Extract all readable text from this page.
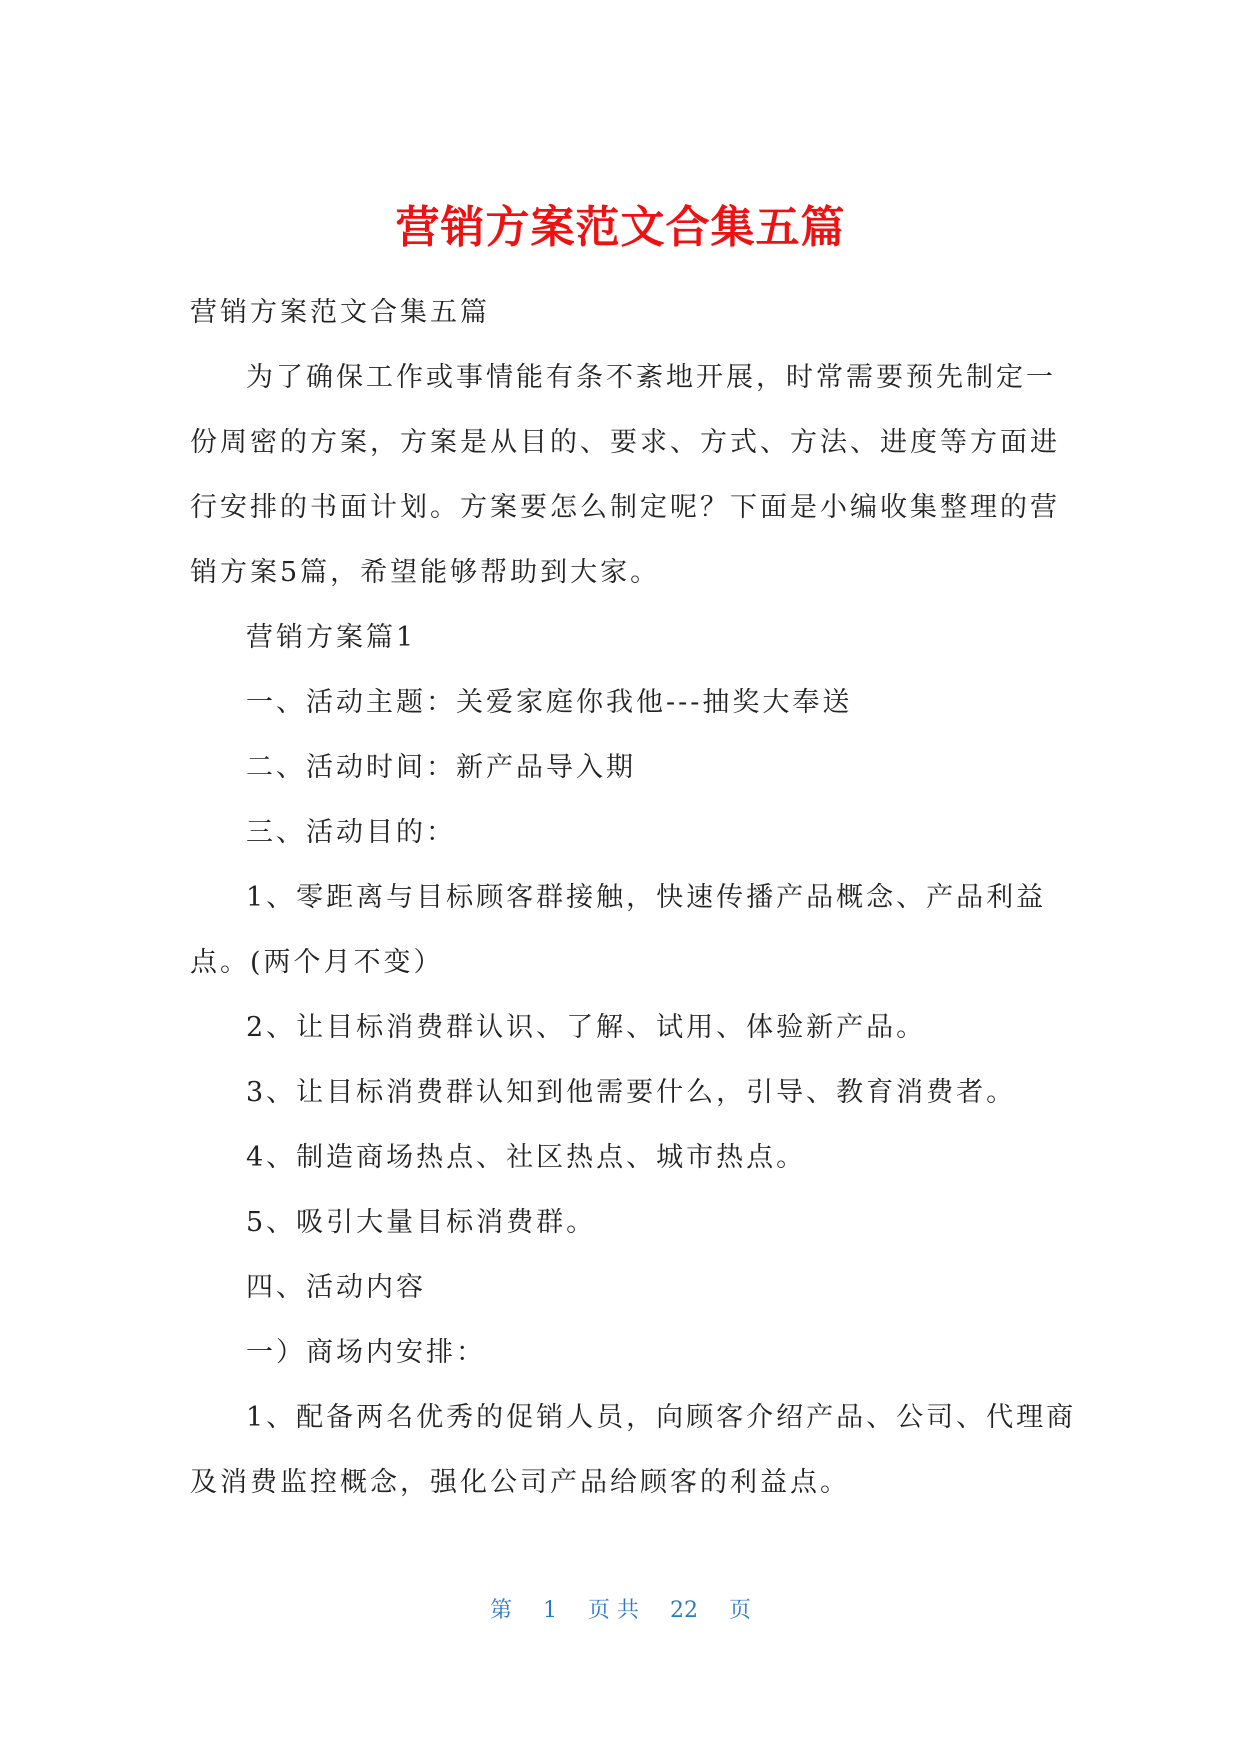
营销方案范文合集五篇
营销方案范文合集五篇
为了确保工作或事情能有条不紊地开展，时常需要预先制定一
份周密的方案，方案是从目的、要求、方式、方法、进度等方面进
行安排的书面计划。方案要怎么制定呢？下面是小编收集整理的营
销方案5篇，希望能够帮助到大家。
营销方案篇1
一、活动主题：关爱家庭你我他---抽奖大奉送
二、活动时间：新产品导入期
三、活动目的：
1、零距离与目标顾客群接触，快速传播产品概念、产品利益
点。(两个月不变）
2、让目标消费群认识、了解、试用、体验新产品。
3、让目标消费群认知到他需要什么，引导、教育消费者。
4、制造商场热点、社区热点、城市热点。
5、吸引大量目标消费群。
四、活动内容
一）商场内安排：
1、配备两名优秀的促销人员，向顾客介绍产品、公司、代理商
及消费监控概念，强化公司产品给顾客的利益点。
第 1 页 共 22 页
